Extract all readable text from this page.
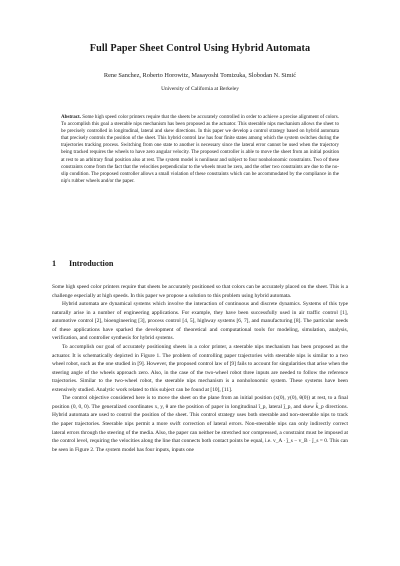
Full Paper Sheet Control Using Hybrid Automata
Rene Sanchez, Roberto Horowitz, Masayoshi Tomizuka, Slobodan N. Simić
University of California at Berkeley
Abstract. Some high speed color printers require that the sheets be accurately controlled in order to achieve a precise alignment of colors. To accomplish this goal a steerable nips mechanism has been proposed as the actuator. This steerable nips mechanism allows the sheet to be precisely controlled in longitudinal, lateral and skew directions. In this paper we develop a control strategy based on hybrid automata that precisely controls the position of the sheet. This hybrid control law has four finite states among which the system switches during the trajectories tracking process. Switching from one state to another is necessary since the lateral error cannot be used when the trajectory being tracked requires the wheels to have zero angular velocity. The proposed controller is able to move the sheet from an initial position at rest to an arbitrary final position also at rest. The system model is nonlinear and subject to four nonholonomic constraints. Two of these constraints come from the fact that the velocities perpendicular to the wheels must be zero, and the other two constraints are due to the no-slip condition. The proposed controller allows a small violation of these constraints which can be accommodated by the compliance in the nip's rubber wheels and/or the paper.
1 Introduction

Some high speed color printers require that sheets be accurately positioned so that colors can be accurately placed on the sheet. This is a challenge especially at high speeds. In this paper we propose a solution to this problem using hybrid automata.

Hybrid automata are dynamical systems which involve the interaction of continuous and discrete dynamics. Systems of this type naturally arise in a number of engineering applications. For example, they have been successfully used in air traffic control [1], automotive control [2], bioengineering [3], process control [4, 5], highway systems [6, 7], and manufacturing [8]. The particular needs of these applications have sparked the development of theoretical and computational tools for modeling, simulation, analysis, verification, and controller synthesis for hybrid systems.

To accomplish our goal of accurately positioning sheets in a color printer, a steerable nips mechanism has been proposed as the actuator. It is schematically depicted in Figure 1. The problem of controlling paper trajectories with steerable nips is similar to a two wheel robot, such as the one studied in [9]. However, the proposed control law of [9] fails to account for singularities that arise when the steering angle of the wheels approach zero. Also, in the case of the two-wheel robot three inputs are needed to follow the reference trajectories. Similar to the two-wheel robot, the steerable nips mechanism is a nonholonomic system. These systems have been extensively studied. Analytic work related to this subject can be found at [10], [11].

The control objective considered here is to move the sheet on the plane from an initial position (x(0), y(0), θ(0)) at rest, to a final position (0, 0, 0). The generalized coordinates x, y, θ are the position of paper in longitudinal î_p, lateral ĵ_p, and skew k̂_p directions. Hybrid automata are used to control the position of the sheet. This control strategy uses both steerable and non-steerable nips to track the paper trajectories. Steerable nips permit a more swift correction of lateral errors. Non-steerable nips can only indirectly correct lateral errors through the steering of the media. Also, the paper can neither be stretched nor compressed, a constraint must be imposed at the control level, requiring the velocities along the line that connects both contact points be equal, i.e. v_A · ĵ_s − v_B · ĵ_s = 0. This can be seen in Figure 2. The system model has four inputs, inputs one
